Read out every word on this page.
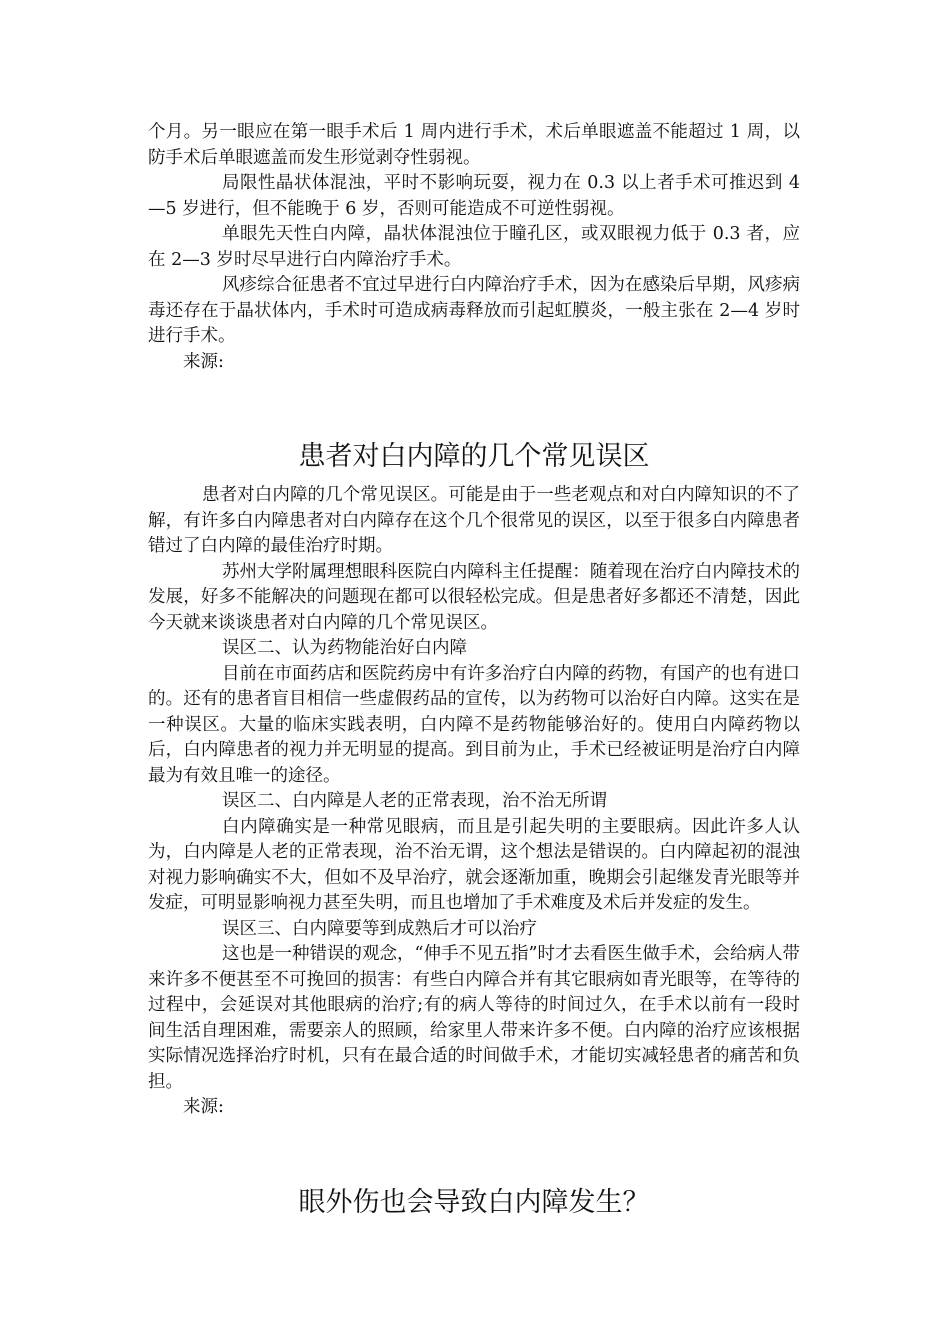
个月。另一眼应在第一眼手术后 1 周内进行手术，术后单眼遮盖不能超过 1 周，以防手术后单眼遮盖而发生形觉剥夺性弱视。

局限性晶状体混浊，平时不影响玩耍，视力在 0.3 以上者手术可推迟到 4—5 岁进行，但不能晚于 6 岁，否则可能造成不可逆性弱视。

单眼先天性白内障，晶状体混浊位于瞳孔区，或双眼视力低于 0.3 者，应在 2—3 岁时尽早进行白内障治疗手术。

风疹综合征患者不宜过早进行白内障治疗手术，因为在感染后早期，风疹病毒还存在于晶状体内，手术时可造成病毒释放而引起虹膜炎，一般主张在 2—4 岁时进行手术。

来源:

患者对白内障的几个常见误区

患者对白内障的几个常见误区。可能是由于一些老观点和对白内障知识的不了解，有许多白内障患者对白内障存在这个几个很常见的误区，以至于很多白内障患者错过了白内障的最佳治疗时期。

苏州大学附属理想眼科医院白内障科主任提醒：随着现在治疗白内障技术的发展，好多不能解决的问题现在都可以很轻松完成。但是患者好多都还不清楚，因此今天就来谈谈患者对白内障的几个常见误区。

误区二、认为药物能治好白内障

目前在市面药店和医院药房中有许多治疗白内障的药物，有国产的也有进口的。还有的患者盲目相信一些虚假药品的宣传，以为药物可以治好白内障。这实在是一种误区。大量的临床实践表明，白内障不是药物能够治好的。使用白内障药物以后，白内障患者的视力并无明显的提高。到目前为止，手术已经被证明是治疗白内障最为有效且唯一的途径。

误区二、白内障是人老的正常表现，治不治无所谓

白内障确实是一种常见眼病，而且是引起失明的主要眼病。因此许多人认为，白内障是人老的正常表现，治不治无谓，这个想法是错误的。白内障起初的混浊对视力影响确实不大，但如不及早治疗，就会逐渐加重，晚期会引起继发青光眼等并发症，可明显影响视力甚至失明，而且也增加了手术难度及术后并发症的发生。

误区三、白内障要等到成熟后才可以治疗

这也是一种错误的观念，“伸手不见五指”时才去看医生做手术，会给病人带来许多不便甚至不可挽回的损害：有些白内障合并有其它眼病如青光眼等，在等待的过程中，会延误对其他眼病的治疗;有的病人等待的时间过久，在手术以前有一段时间生活自理困难，需要亲人的照顾，给家里人带来许多不便。白内障的治疗应该根据实际情况选择治疗时机，只有在最合适的时间做手术，才能切实减轻患者的痛苦和负担。

来源:

眼外伤也会导致白内障发生？
